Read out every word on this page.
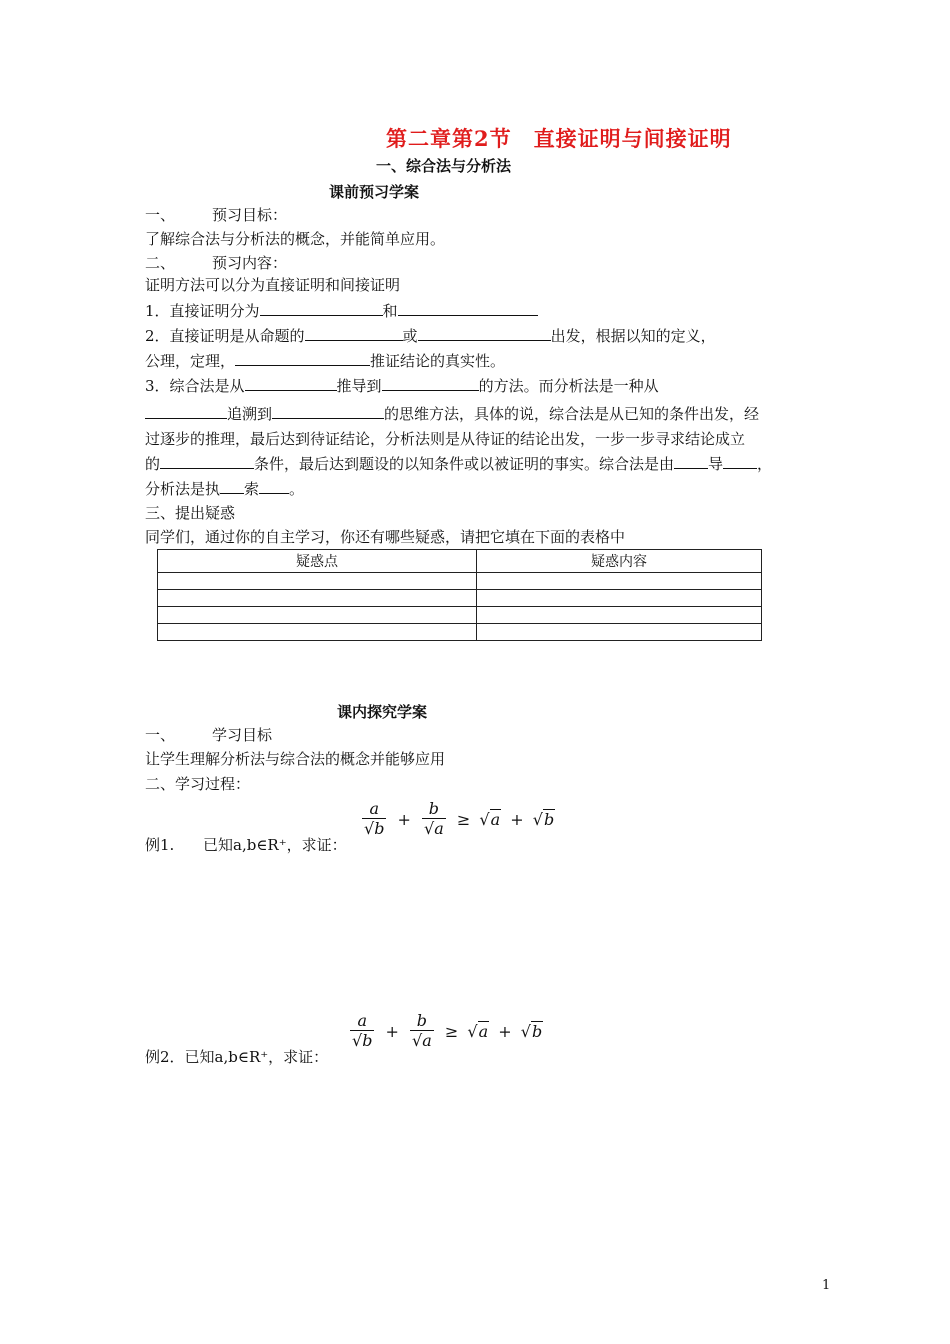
第二章第2节　直接证明与间接证明
一、综合法与分析法
课前预习学案
一、 预习目标：
了解综合法与分析法的概念，并能简单应用。
二、 预习内容：
证明方法可以分为直接证明和间接证明
1．直接证明分为	和
2．直接证明是从命题的	或	出发，根据以知的定义，
公理，定理，	推证结论的真实性。
3．综合法是从	推导到	的方法。而分析法是一种从
追溯到	的思维方法，具体的说，综合法是从已知的条件出发，经
过逐步的推理，最后达到待证结论，分析法则是从待证的结论出发，一步一步寻求结论成立
的	条件，最后达到题设的以知条件或以被证明的事实。综合法是由 导 ，
分析法是执 索 。
三、提出疑惑
同学们，通过你的自主学习，你还有哪些疑惑，请把它填在下面的表格中
疑惑点	疑惑内容

课内探究学案
一、 学习目标
让学生理解分析法与综合法的概念并能够应用
二、学习过程：
例1. 已知a,b∈R⁺，求证：
$\frac{a}{√b} + \frac{b}{√a} \ge √a + √b$
例2．已知a,b∈R⁺，求证：
$\frac{a}{√b} + \frac{b}{√a} \ge √a + √b$
1
